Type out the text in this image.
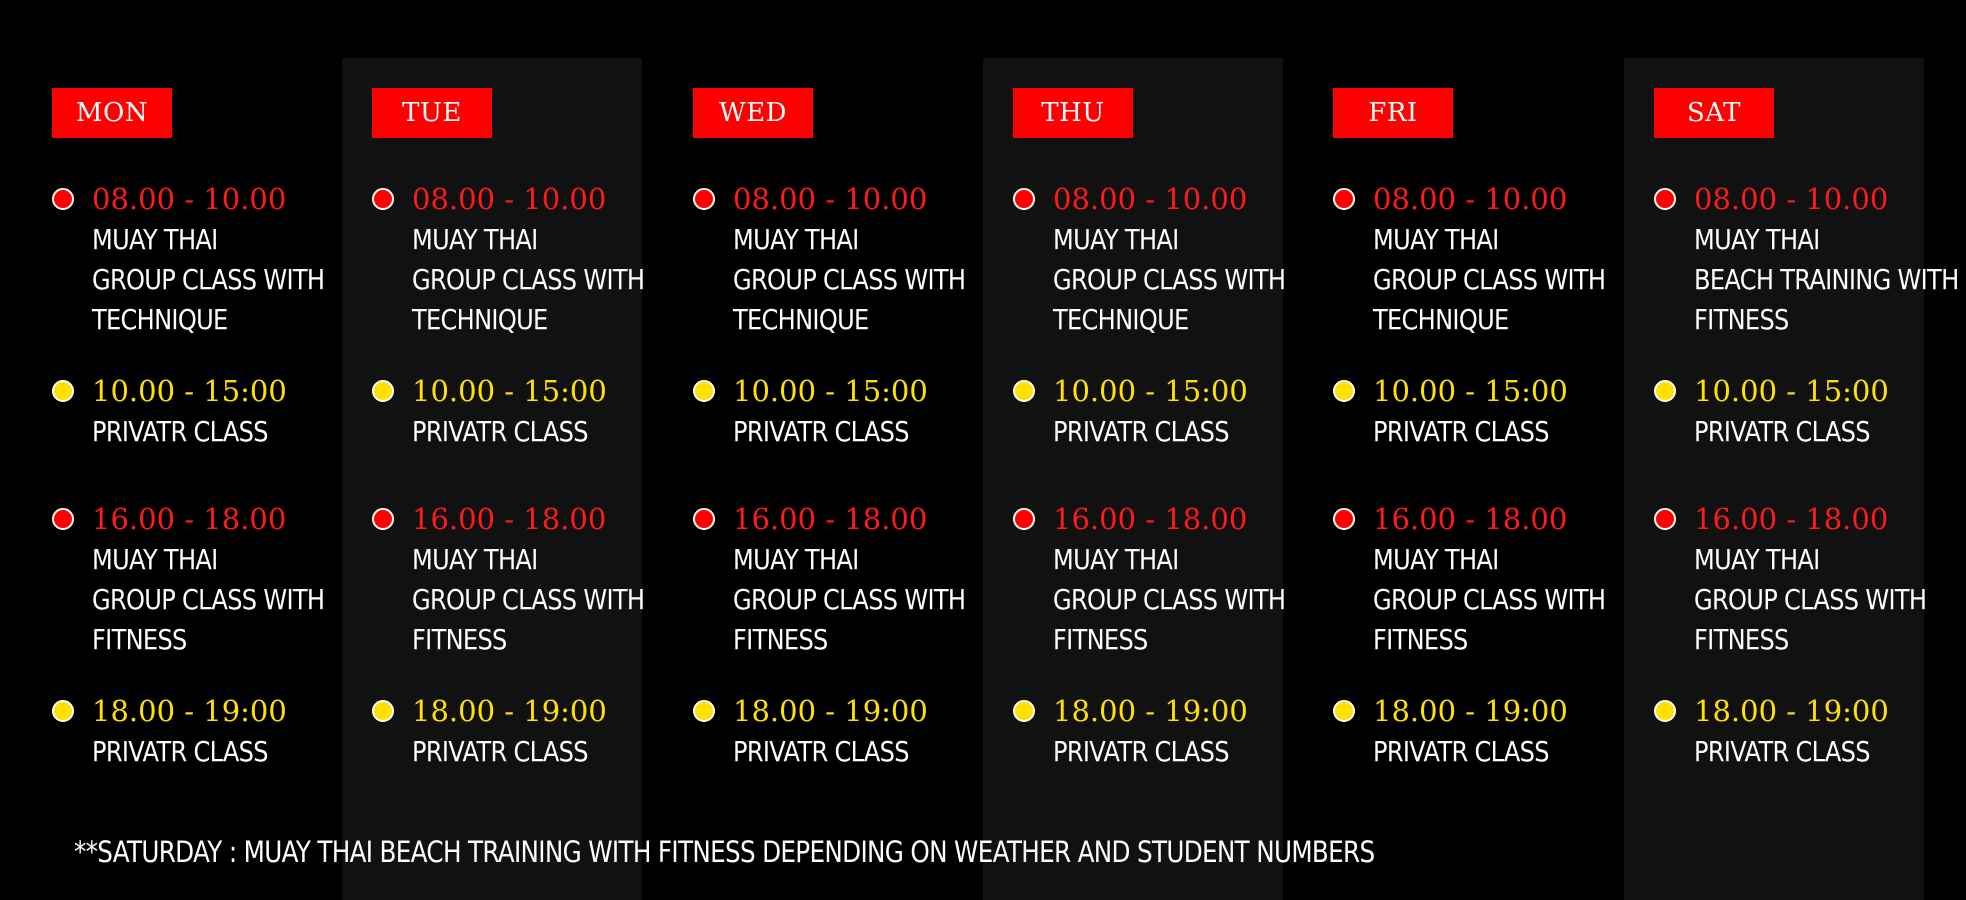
MON
08.00 - 10.00
MUAY THAI
GROUP CLASS WITH
TECHNIQUE
10.00 - 15:00
PRIVATR CLASS
16.00 - 18.00
MUAY THAI
GROUP CLASS WITH
FITNESS
18.00 - 19:00
PRIVATR CLASS
TUE
08.00 - 10.00
MUAY THAI
GROUP CLASS WITH
TECHNIQUE
10.00 - 15:00
PRIVATR CLASS
16.00 - 18.00
MUAY THAI
GROUP CLASS WITH
FITNESS
18.00 - 19:00
PRIVATR CLASS
WED
08.00 - 10.00
MUAY THAI
GROUP CLASS WITH
TECHNIQUE
10.00 - 15:00
PRIVATR CLASS
16.00 - 18.00
MUAY THAI
GROUP CLASS WITH
FITNESS
18.00 - 19:00
PRIVATR CLASS
THU
08.00 - 10.00
MUAY THAI
GROUP CLASS WITH
TECHNIQUE
10.00 - 15:00
PRIVATR CLASS
16.00 - 18.00
MUAY THAI
GROUP CLASS WITH
FITNESS
18.00 - 19:00
PRIVATR CLASS
FRI
08.00 - 10.00
MUAY THAI
GROUP CLASS WITH
TECHNIQUE
10.00 - 15:00
PRIVATR CLASS
16.00 - 18.00
MUAY THAI
GROUP CLASS WITH
FITNESS
18.00 - 19:00
PRIVATR CLASS
SAT
08.00 - 10.00
MUAY THAI
BEACH TRAINING WITH
FITNESS
10.00 - 15:00
PRIVATR CLASS
16.00 - 18.00
MUAY THAI
GROUP CLASS WITH
FITNESS
18.00 - 19:00
PRIVATR CLASS
**SATURDAY : MUAY THAI BEACH TRAINING WITH FITNESS DEPENDING ON WEATHER AND STUDENT NUMBERS
